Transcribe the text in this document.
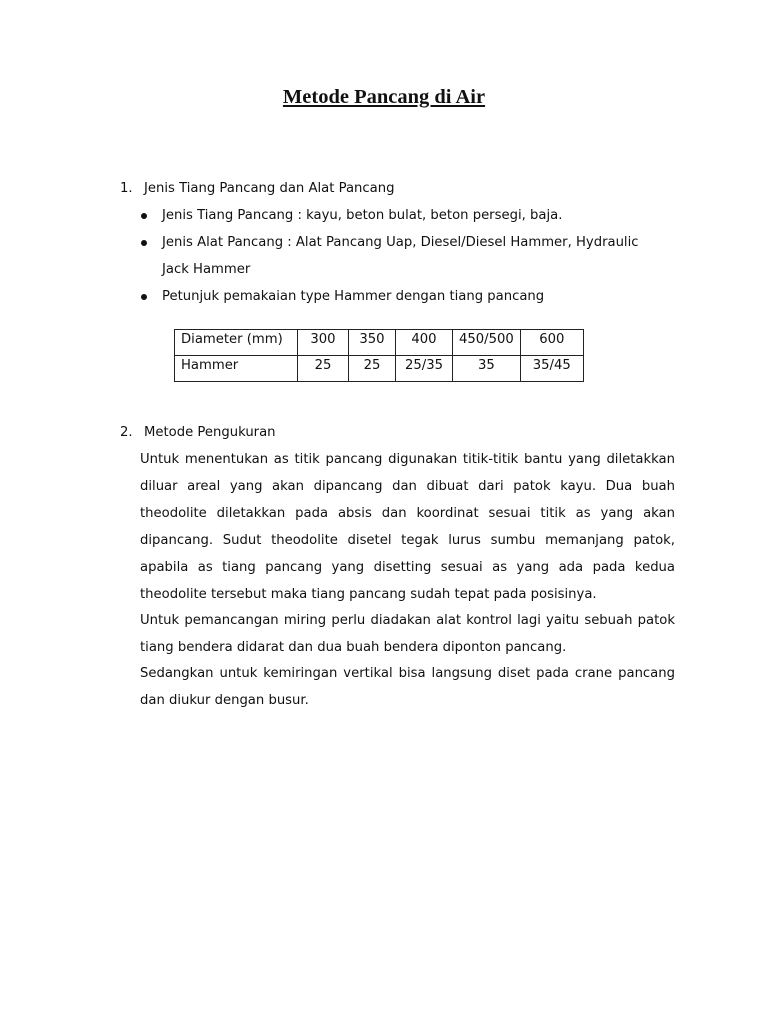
Metode Pancang di Air
1. Jenis Tiang Pancang dan Alat Pancang
Jenis Tiang Pancang : kayu, beton bulat, beton persegi, baja.
Jenis Alat Pancang : Alat Pancang Uap, Diesel/Diesel Hammer, Hydraulic Jack Hammer
Petunjuk pemakaian type Hammer dengan tiang pancang
Diameter (mm)	300	350	400	450/500	600
Hammer	25	25	25/35	35	35/45
2. Metode Pengukuran

Untuk menentukan as titik pancang digunakan titik-titik bantu yang diletakkan diluar areal yang akan dipancang dan dibuat dari patok kayu. Dua buah theodolite diletakkan pada absis dan koordinat sesuai titik as yang akan dipancang. Sudut theodolite disetel tegak lurus sumbu memanjang patok, apabila as tiang pancang yang disetting sesuai as yang ada pada kedua theodolite tersebut maka tiang pancang sudah tepat pada posisinya.

Untuk pemancangan miring perlu diadakan alat kontrol lagi yaitu sebuah patok tiang bendera didarat dan dua buah bendera diponton pancang.

Sedangkan untuk kemiringan vertikal bisa langsung diset pada crane pancang dan diukur dengan busur.
